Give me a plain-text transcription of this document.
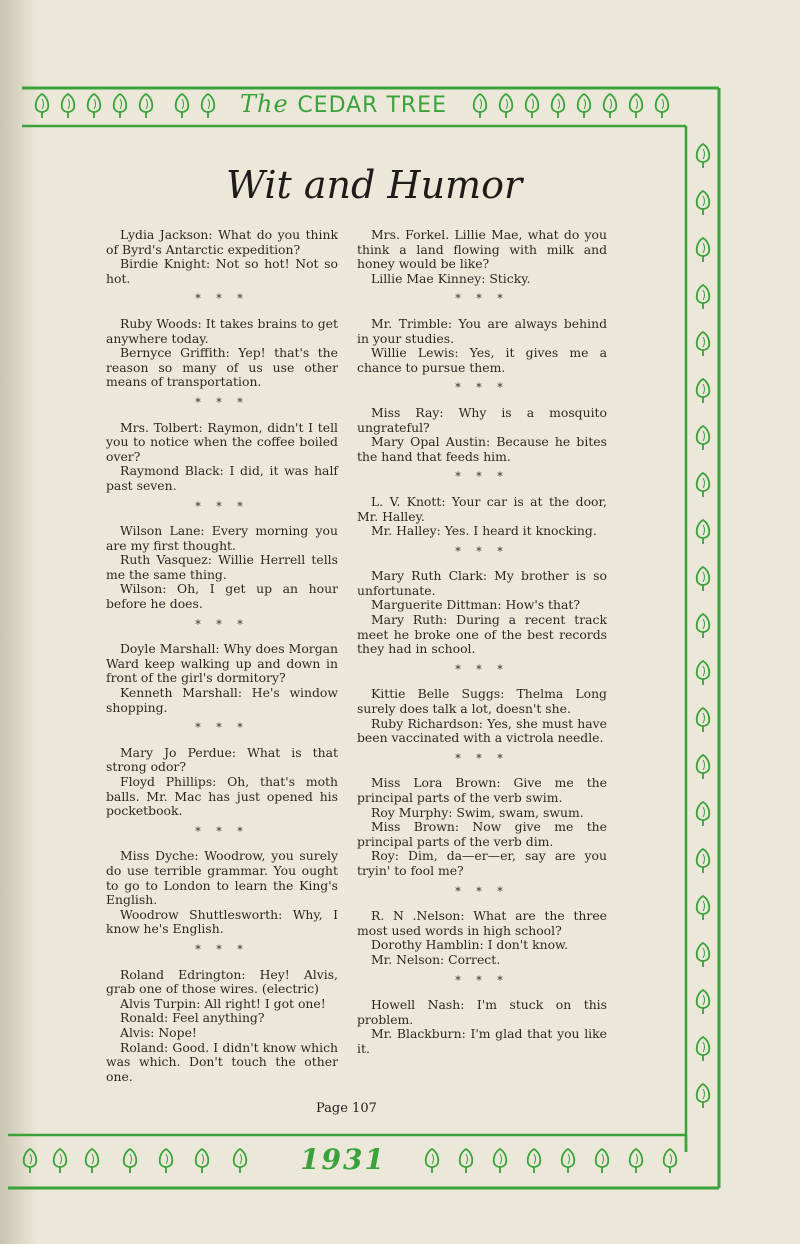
The CEDAR TREE
Wit and Humor

Lydia Jackson: What do you think of Byrd's Antarctic expedition?

Birdie Knight: Not so hot! Not so hot.

* * *

Ruby Woods: It takes brains to get anywhere today.

Bernyce Griffith: Yep! that's the reason so many of us use other means of transportation.

* * *

Mrs. Tolbert: Raymon, didn't I tell you to notice when the coffee boiled over?

Raymond Black: I did, it was half past seven.

* * *

Wilson Lane: Every morning you are my first thought.

Ruth Vasquez: Willie Herrell tells me the same thing.

Wilson: Oh, I get up an hour before he does.

* * *

Doyle Marshall: Why does Morgan Ward keep walking up and down in front of the girl's dormitory?

Kenneth Marshall: He's window shopping.

* * *

Mary Jo Perdue: What is that strong odor?

Floyd Phillips: Oh, that's moth balls. Mr. Mac has just opened his pocketbook.

* * *

Miss Dyche: Woodrow, you surely do use terrible grammar. You ought to go to London to learn the King's English.

Woodrow Shuttlesworth: Why, I know he's English.

* * *

Roland Edrington: Hey! Alvis, grab one of those wires. (electric)

Alvis Turpin: All right! I got one!

Ronald: Feel anything?

Alvis: Nope!

Roland: Good. I didn't know which was which. Don't touch the other one.

Mrs. Forkel. Lillie Mae, what do you think a land flowing with milk and honey would be like?

Lillie Mae Kinney: Sticky.

* * *

Mr. Trimble: You are always behind in your studies.

Willie Lewis: Yes, it gives me a chance to pursue them.

* * *

Miss Ray: Why is a mosquito ungrateful?

Mary Opal Austin: Because he bites the hand that feeds him.

* * *

L. V. Knott: Your car is at the door, Mr. Halley.

Mr. Halley: Yes. I heard it knocking.

* * *

Mary Ruth Clark: My brother is so unfortunate.

Marguerite Dittman: How's that?

Mary Ruth: During a recent track meet he broke one of the best records they had in school.

* * *

Kittie Belle Suggs: Thelma Long surely does talk a lot, doesn't she.

Ruby Richardson: Yes, she must have been vaccinated with a victrola needle.

* * *

Miss Lora Brown: Give me the principal parts of the verb swim.

Roy Murphy: Swim, swam, swum.

Miss Brown: Now give me the principal parts of the verb dim.

Roy: Dim, da—er—er, say are you tryin' to fool me?

* * *

R. N .Nelson: What are the three most used words in high school?

Dorothy Hamblin: I don't know.

Mr. Nelson: Correct.

* * *

Howell Nash: I'm stuck on this problem.

Mr. Blackburn: I'm glad that you like it.

Page 107
1931
